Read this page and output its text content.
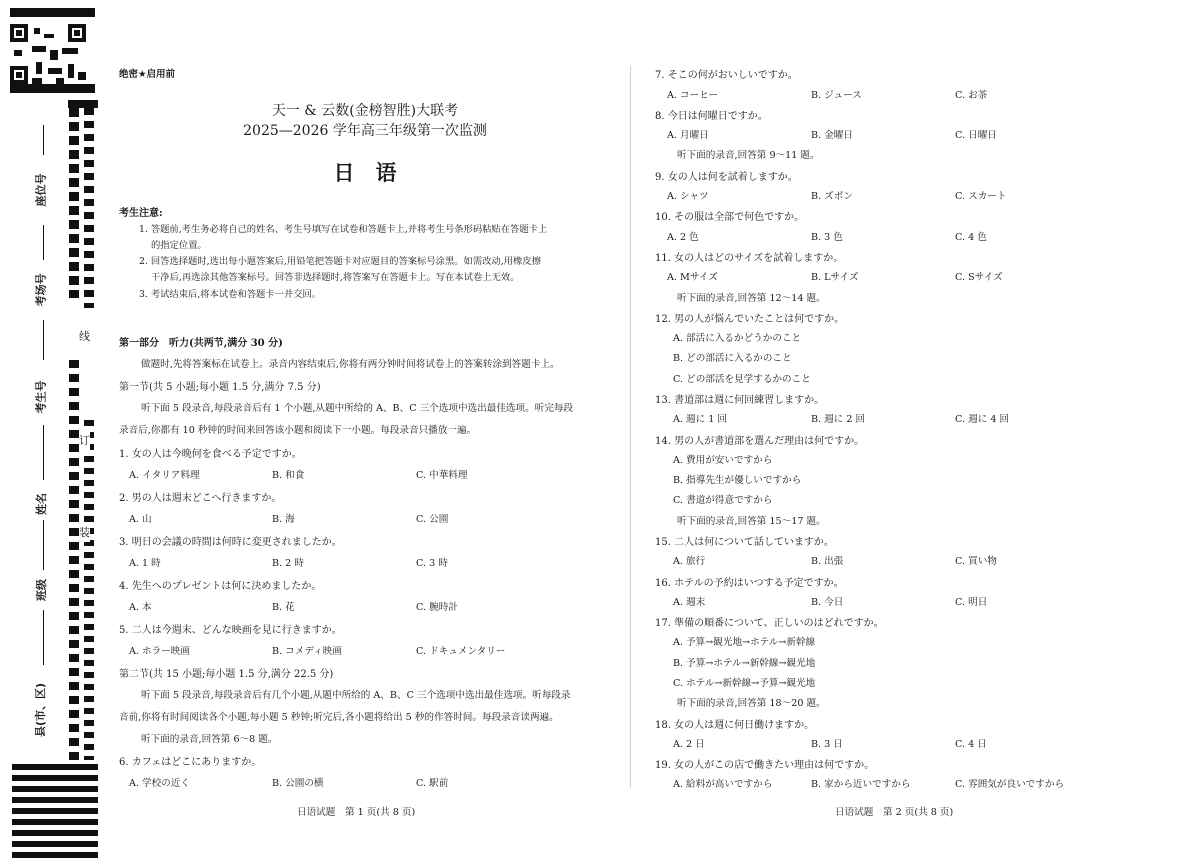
座位号
考场号
考生号
姓名
班级
县(市、区)
线
订
装
绝密★启用前
天一 & 云数(金榜智胜)大联考
2025—2026 学年高三年级第一次监测
日　语
考生注意:
1. 答题前,考生务必将自己的姓名、考生号填写在试卷和答题卡上,并将考生号条形码粘贴在答题卡上
的指定位置。
2. 回答选择题时,选出每小题答案后,用铅笔把答题卡对应题目的答案标号涂黑。如需改动,用橡皮擦
干净后,再选涂其他答案标号。回答非选择题时,将答案写在答题卡上。写在本试卷上无效。
3. 考试结束后,将本试卷和答题卡一并交回。
第一部分　听力(共两节,满分 30 分)
做题时,先将答案标在试卷上。录音内容结束后,你将有两分钟时间将试卷上的答案转涂到答题卡上。
第一节(共 5 小题;每小题 1.5 分,满分 7.5 分)
听下面 5 段录音,每段录音后有 1 个小题,从题中所给的 A、B、C 三个选项中选出最佳选项。听完每段
录音后,你都有 10 秒钟的时间来回答该小题和阅读下一小题。每段录音只播放一遍。
1. 女の人は今晩何を食べる予定ですか。
A. イタリア料理	B. 和食	C. 中華料理
2. 男の人は週末どこへ行きますか。
A. 山	B. 海	C. 公園
3. 明日の会議の時間は何時に変更されましたか。
A. 1 時	B. 2 時	C. 3 時
4. 先生へのプレゼントは何に決めましたか。
A. 本	B. 花	C. 腕時計
5. 二人は今週末、どんな映画を見に行きますか。
A. ホラー映画	B. コメディ映画	C. ドキュメンタリー
第二节(共 15 小题;每小题 1.5 分,满分 22.5 分)
听下面 5 段录音,每段录音后有几个小题,从题中所给的 A、B、C 三个选项中选出最佳选项。听每段录
音前,你将有时间阅读各个小题,每小题 5 秒钟;听完后,各小题将给出 5 秒的作答时间。每段录音读两遍。
听下面的录音,回答第 6～8 题。
6. カフェはどこにありますか。
A. 学校の近く	B. 公園の横	C. 駅前
日语试题　第 1 页(共 8 页)
7. そこの何がおいしいですか。
A. コーヒー	B. ジュース	C. お茶
8. 今日は何曜日ですか。
A. 月曜日	B. 金曜日	C. 日曜日
听下面的录音,回答第 9～11 题。
9. 女の人は何を試着しますか。
A. シャツ	B. ズボン	C. スカート
10. その服は全部で何色ですか。
A. 2 色	B. 3 色	C. 4 色
11. 女の人はどのサイズを試着しますか。
A. Mサイズ	B. Lサイズ	C. Sサイズ
听下面的录音,回答第 12～14 题。
12. 男の人が悩んでいたことは何ですか。
A. 部活に入るかどうかのこと
B. どの部活に入るかのこと
C. どの部活を見学するかのこと
13. 書道部は週に何回練習しますか。
A. 週に 1 回	B. 週に 2 回	C. 週に 4 回
14. 男の人が書道部を選んだ理由は何ですか。
A. 費用が安いですから
B. 指導先生が優しいですから
C. 書道が得意ですから
听下面的录音,回答第 15～17 题。
15. 二人は何について話していますか。
A. 旅行	B. 出張	C. 買い物
16. ホテルの予約はいつする予定ですか。
A. 週末	B. 今日	C. 明日
17. 準備の順番について、正しいのはどれですか。
A. 予算→観光地→ホテル→新幹線
B. 予算→ホテル→新幹線→観光地
C. ホテル→新幹線→予算→観光地
听下面的录音,回答第 18～20 题。
18. 女の人は週に何日働けますか。
A. 2 日	B. 3 日	C. 4 日
19. 女の人がこの店で働きたい理由は何ですか。
A. 給料が高いですから	B. 家から近いですから	C. 雰囲気が良いですから
日语试题　第 2 页(共 8 页)
